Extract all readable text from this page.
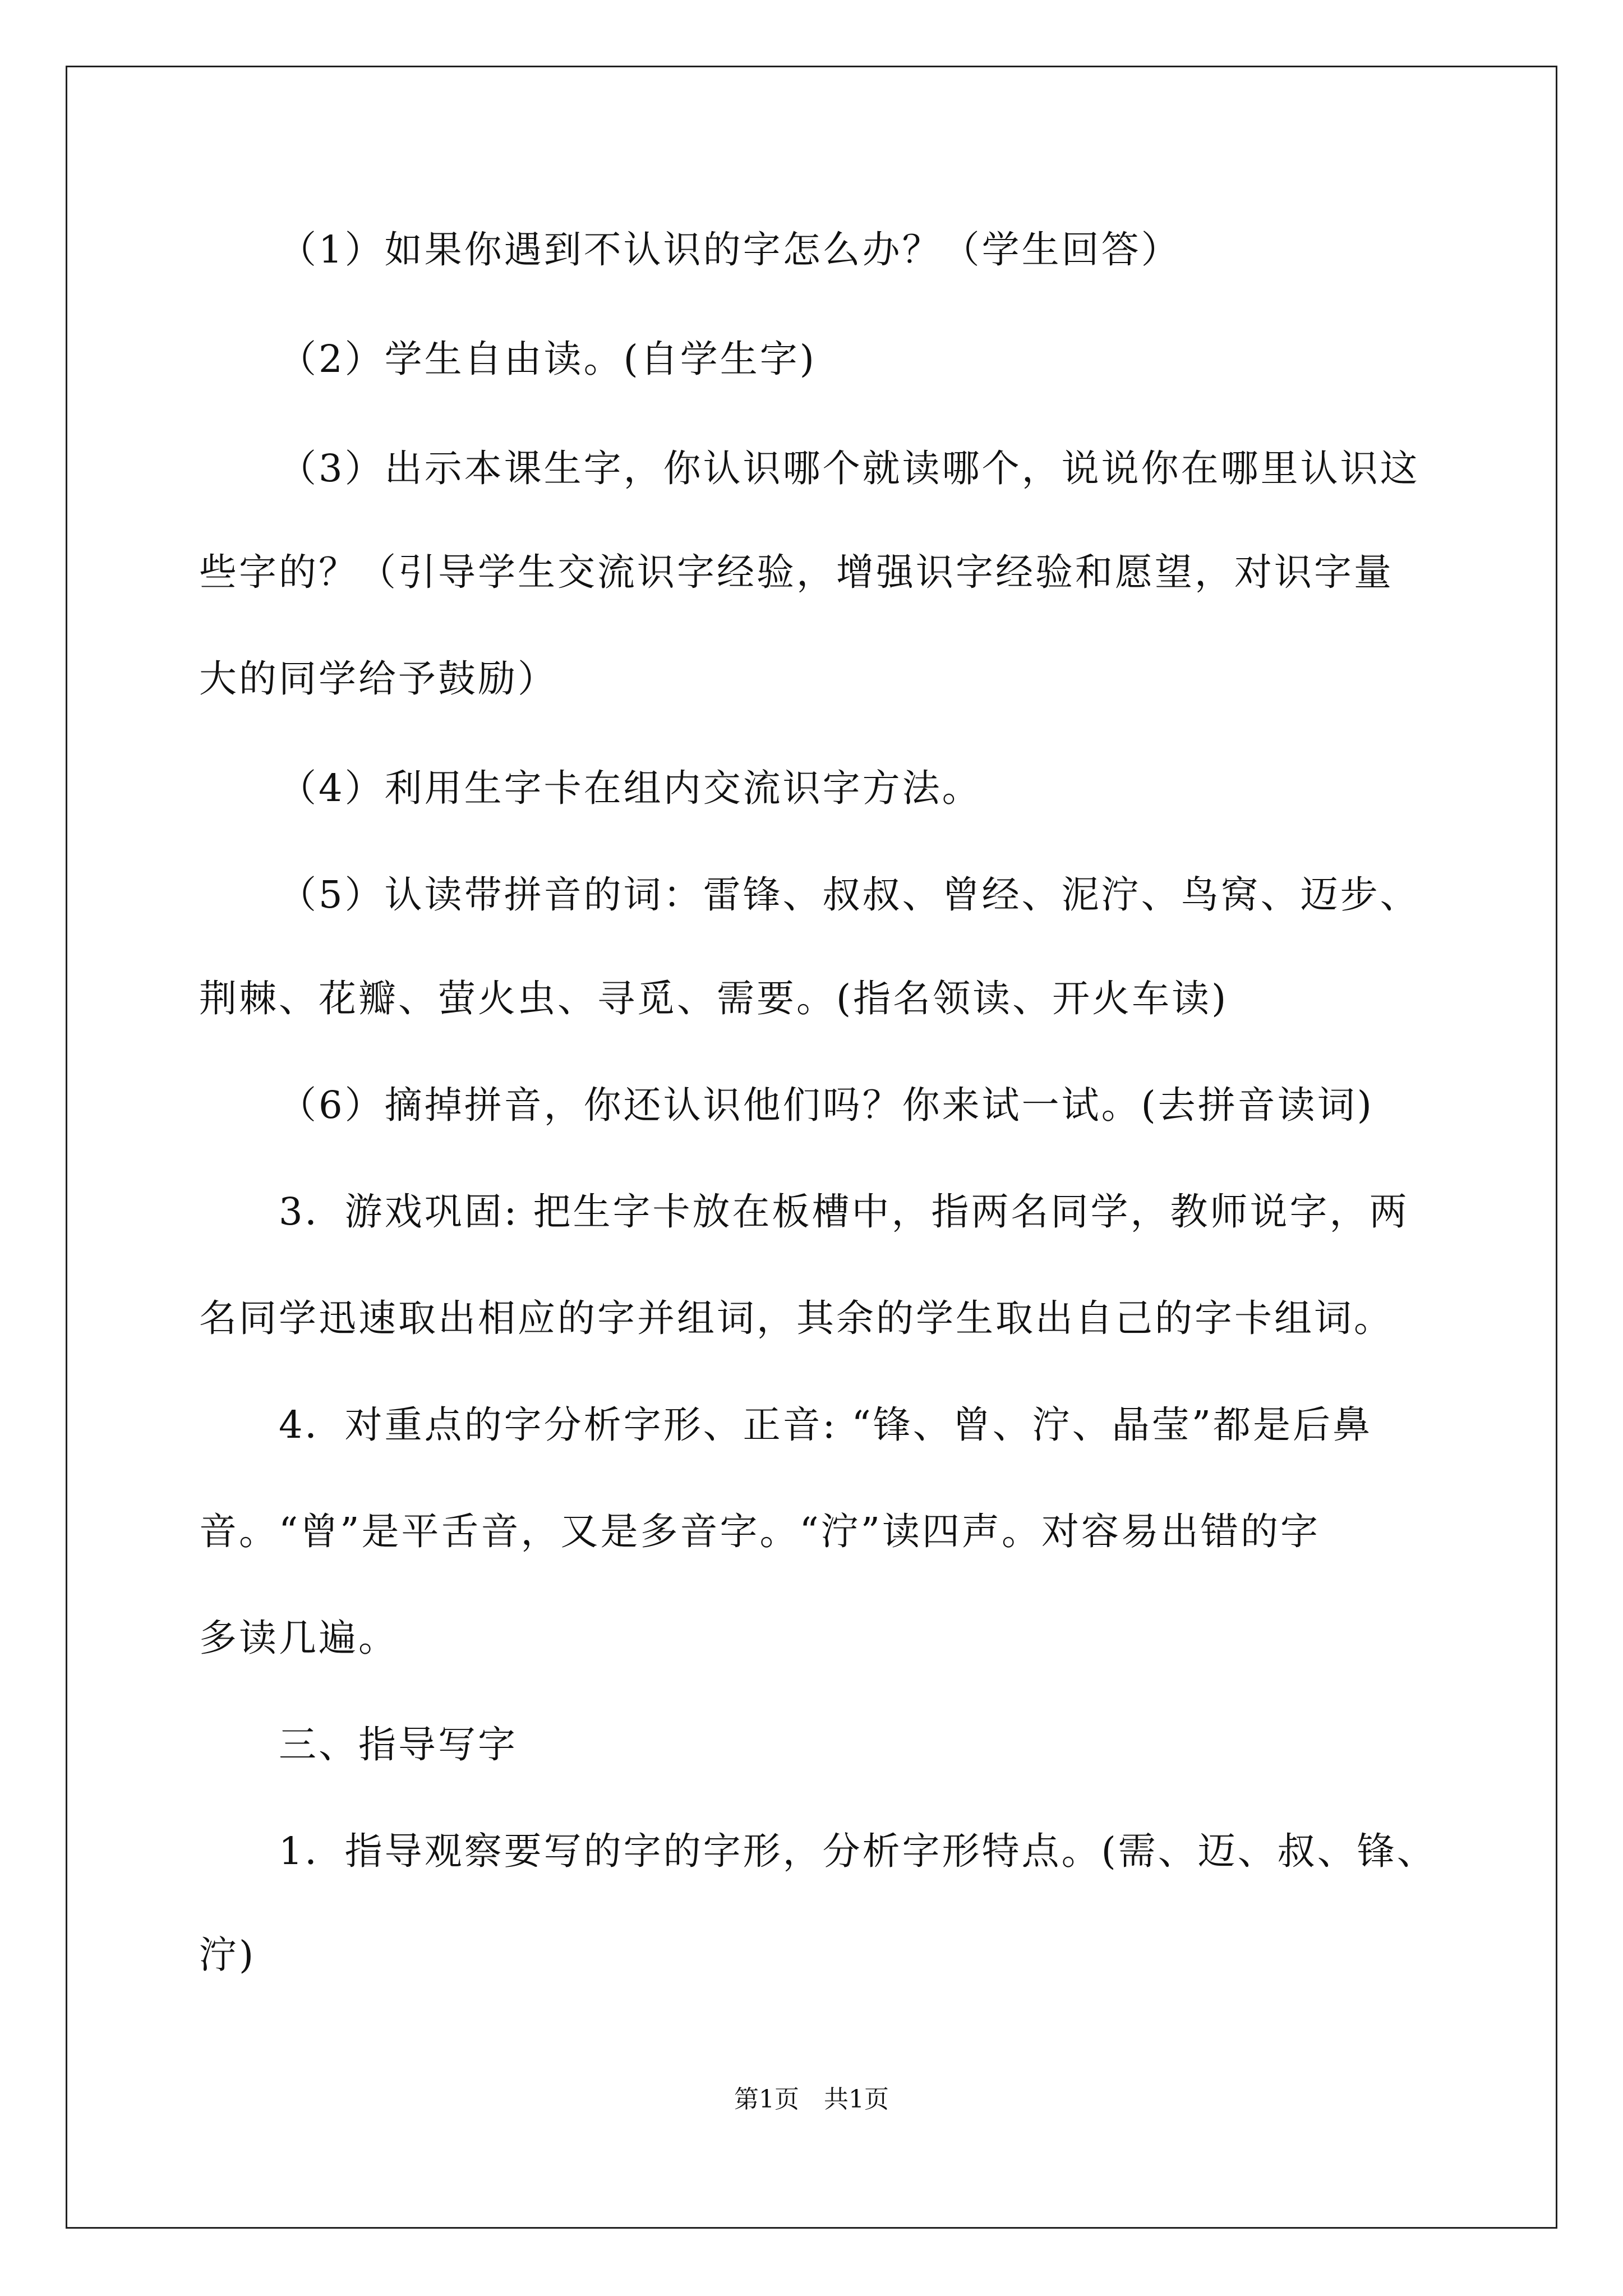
（1）如果你遇到不认识的字怎么办？（学生回答）
（2）学生自由读。(自学生字)
（3）出示本课生字，你认识哪个就读哪个，说说你在哪里认识这
些字的？（引导学生交流识字经验，增强识字经验和愿望，对识字量
大的同学给予鼓励）
（4）利用生字卡在组内交流识字方法。
（5）认读带拼音的词：雷锋、叔叔、曾经、泥泞、鸟窝、迈步、
荆棘、花瓣、萤火虫、寻觅、需要。(指名领读、开火车读)
（6）摘掉拼音，你还认识他们吗？你来试一试。(去拼音读词)
3．游戏巩固: 把生字卡放在板槽中，指两名同学，教师说字，两
名同学迅速取出相应的字并组词，其余的学生取出自己的字卡组词。
4．对重点的字分析字形、正音: “锋、曾、泞、晶莹”都是后鼻
音。“曾”是平舌音，又是多音字。“泞”读四声。对容易出错的字
多读几遍。
三、指导写字
1．指导观察要写的字的字形，分析字形特点。(需、迈、叔、锋、
泞)
第1页　共1页
